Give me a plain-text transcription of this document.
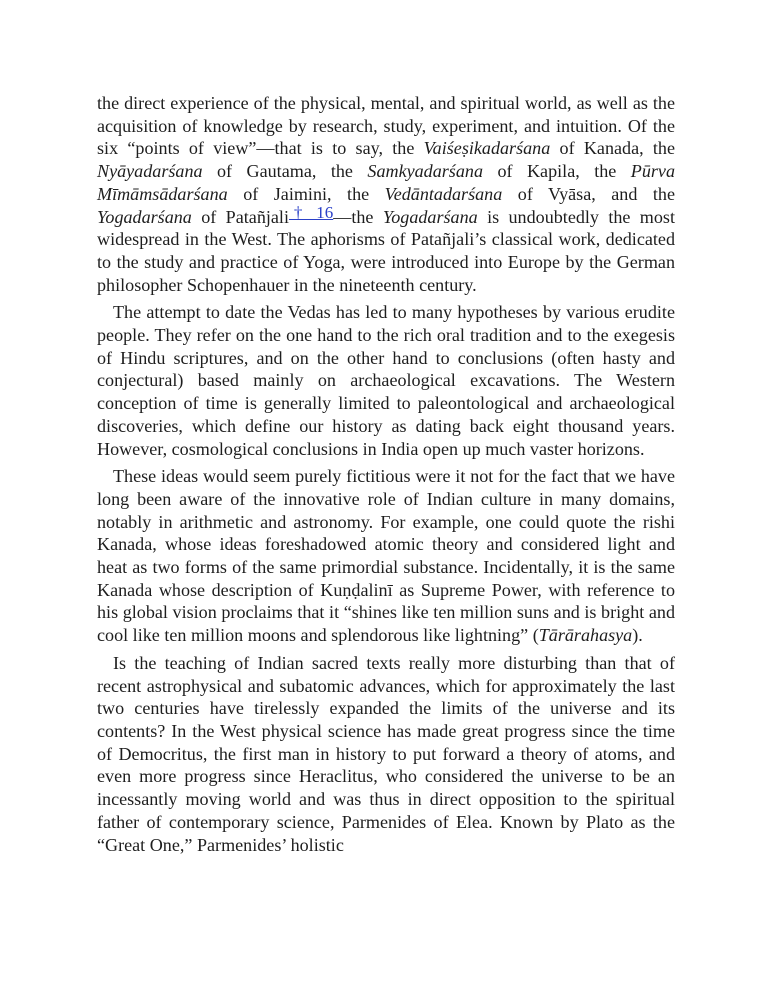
the direct experience of the physical, mental, and spiritual world, as well as the acquisition of knowledge by research, study, experiment, and intuition. Of the six “points of view”—that is to say, the Vaiśeṣikadarśana of Kanada, the Nyāyadarśana of Gautama, the Samkyadarśana of Kapila, the Pūrva Mīmāmsādarśana of Jaimini, the Vedāntadarśana of Vyāsa, and the Yogadarśana of Patañjali† 16—the Yogadarśana is undoubtedly the most widespread in the West. The aphorisms of Patañjali’s classical work, dedicated to the study and practice of Yoga, were introduced into Europe by the German philosopher Schopenhauer in the nineteenth century.

The attempt to date the Vedas has led to many hypotheses by various erudite people. They refer on the one hand to the rich oral tradition and to the exegesis of Hindu scriptures, and on the other hand to conclusions (often hasty and conjectural) based mainly on archaeological excavations. The Western conception of time is generally limited to paleontological and archaeological discoveries, which define our history as dating back eight thousand years. However, cosmological conclusions in India open up much vaster horizons.

These ideas would seem purely fictitious were it not for the fact that we have long been aware of the innovative role of Indian culture in many domains, notably in arithmetic and astronomy. For example, one could quote the rishi Kanada, whose ideas foreshadowed atomic theory and considered light and heat as two forms of the same primordial substance. Incidentally, it is the same Kanada whose description of Kuṇḍalinī as Supreme Power, with reference to his global vision proclaims that it “shines like ten million suns and is bright and cool like ten million moons and splendorous like lightning” (Tārārahasya).

Is the teaching of Indian sacred texts really more disturbing than that of recent astrophysical and subatomic advances, which for approximately the last two centuries have tirelessly expanded the limits of the universe and its contents? In the West physical science has made great progress since the time of Democritus, the first man in history to put forward a theory of atoms, and even more progress since Heraclitus, who considered the universe to be an incessantly moving world and was thus in direct opposition to the spiritual father of contemporary science, Parmenides of Elea. Known by Plato as the “Great One,” Parmenides’ holistic
